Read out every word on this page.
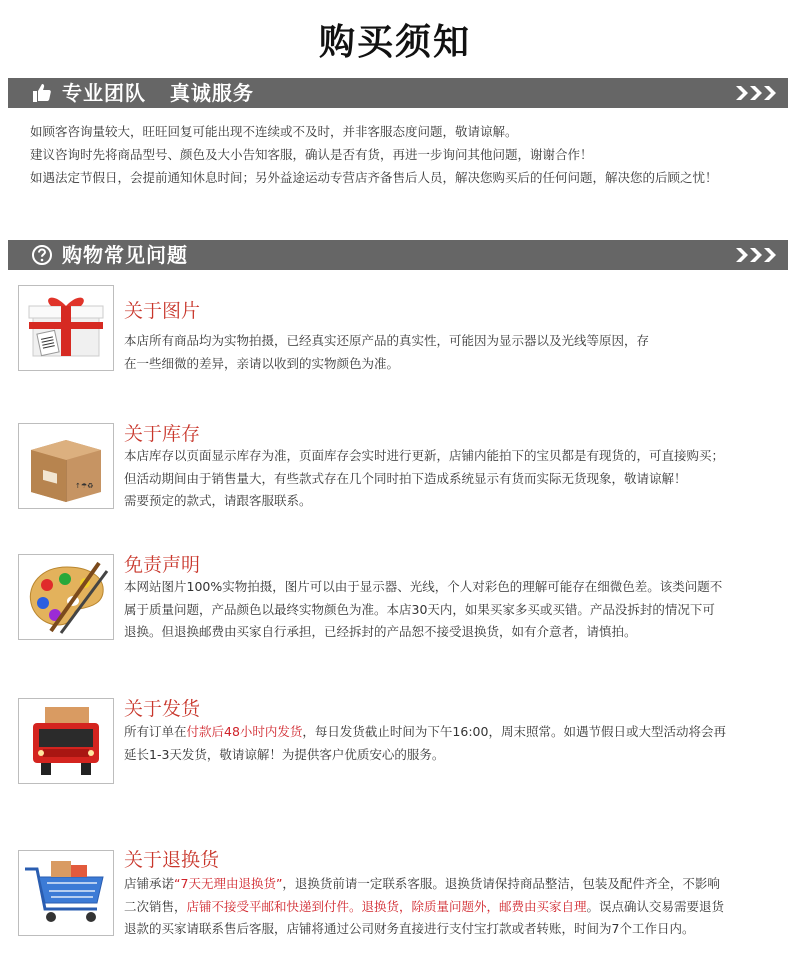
购买须知
专业团队   真诚服务
如顾客咨询量较大，旺旺回复可能出现不连续或不及时，并非客服态度问题，敬请谅解。
建议咨询时先将商品型号、颜色及大小告知客服，确认是否有货，再进一步询问其他问题，谢谢合作！
如遇法定节假日，会提前通知休息时间；另外益途运动专营店齐备售后人员，解决您购买后的任何问题，解决您的后顾之忧！
购物常见问题
关于图片
本店所有商品均为实物拍摄，已经真实还原产品的真实性，可能因为显示器以及光线等原因，存
在一些细微的差异，亲请以收到的实物颜色为准。
↑☂♻
关于库存
本店库存以页面显示库存为准，页面库存会实时进行更新，店铺内能拍下的宝贝都是有现货的，可直接购买；
但活动期间由于销售量大，有些款式存在几个同时拍下造成系统显示有货而实际无货现象，敬请谅解！
需要预定的款式，请跟客服联系。
免责声明
本网站图片100%实物拍摄，图片可以由于显示器、光线，个人对彩色的理解可能存在细微色差。该类问题不
属于质量问题，产品颜色以最终实物颜色为准。本店30天内，如果买家多买或买错。产品没拆封的情况下可
退换。但退换邮费由买家自行承担，已经拆封的产品恕不接受退换货，如有介意者，请慎拍。
关于发货
所有订单在付款后48小时内发货，每日发货截止时间为下午16:00，周末照常。如遇节假日或大型活动将会再
延长1-3天发货，敬请谅解！为提供客户优质安心的服务。
关于退换货
店铺承诺“7天无理由退换货”，退换货前请一定联系客服。退换货请保持商品整洁，包装及配件齐全，不影响
二次销售，店铺不接受平邮和快递到付件。退换货，除质量问题外，邮费由买家自理。误点确认交易需要退货
退款的买家请联系售后客服，店铺将通过公司财务直接进行支付宝打款或者转账，时间为7个工作日内。
